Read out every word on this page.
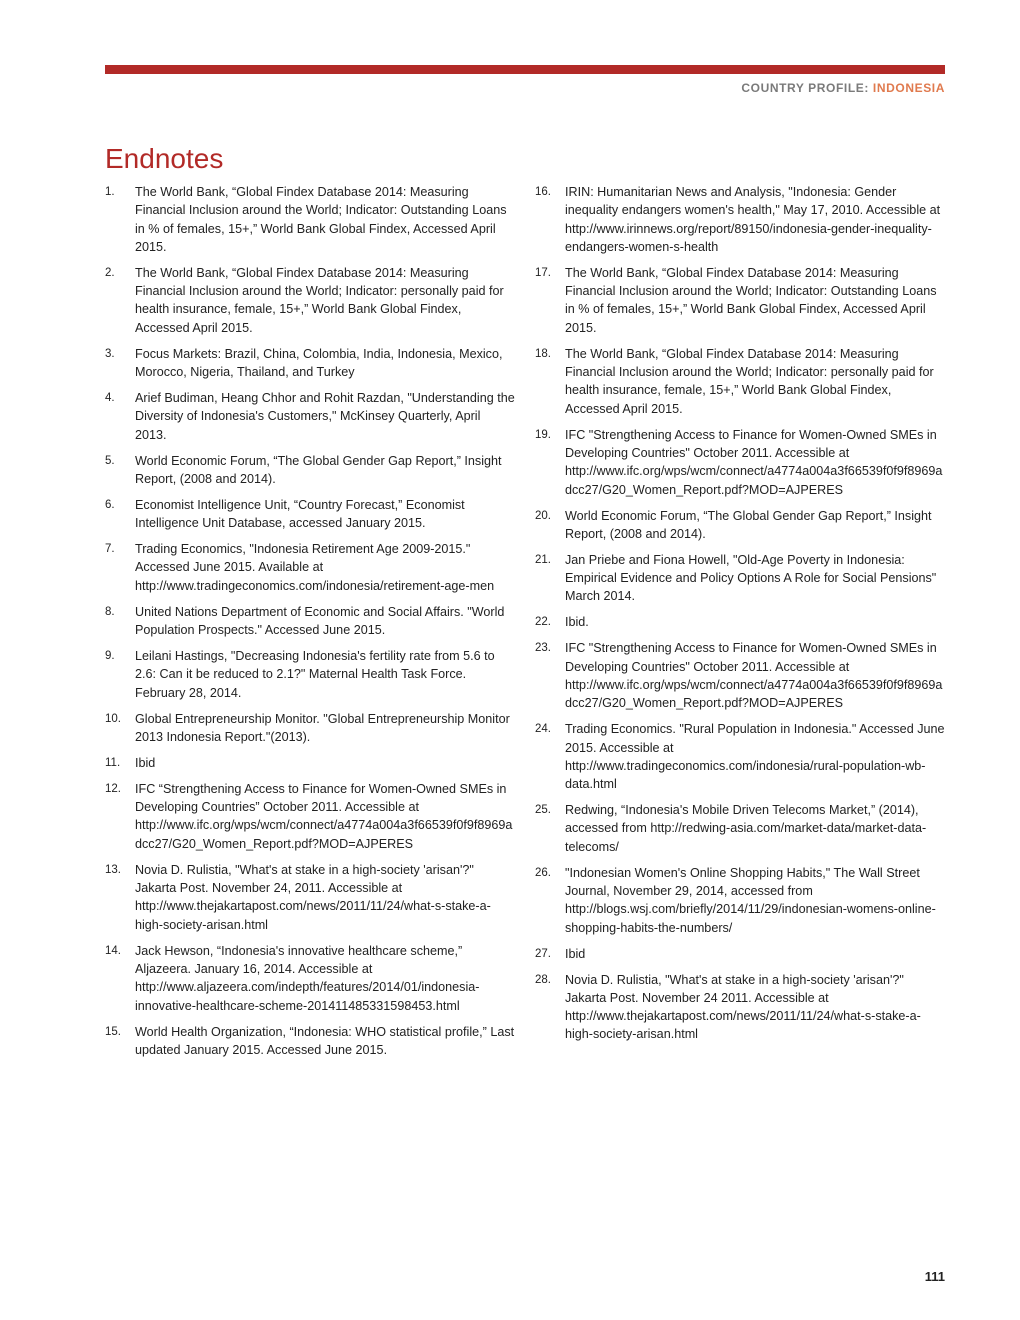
COUNTRY PROFILE: INDONESIA
Endnotes
1.	The World Bank, “Global Findex Database 2014: Measuring Financial Inclusion around the World; Indicator: Outstanding Loans in % of females, 15+,” World Bank Global Findex, Accessed April 2015.
2.	The World Bank, “Global Findex Database 2014: Measuring Financial Inclusion around the World; Indicator: personally paid for health insurance, female, 15+,” World Bank Global Findex, Accessed April 2015.
3.	Focus Markets: Brazil, China, Colombia, India, Indonesia, Mexico, Morocco, Nigeria, Thailand, and Turkey
4.	Arief Budiman, Heang Chhor and Rohit Razdan, "Understanding the Diversity of Indonesia's Customers," McKinsey Quarterly, April 2013.
5.	World Economic Forum, “The Global Gender Gap Report,” Insight Report, (2008 and 2014).
6.	Economist Intelligence Unit, “Country Forecast,” Economist Intelligence Unit Database, accessed January 2015.
7.	Trading Economics, "Indonesia Retirement Age 2009-2015." Accessed June 2015. Available at http://www.tradingeconomics.com/indonesia/retirement-age-men
8.	United Nations Department of Economic and Social Affairs. "World Population Prospects." Accessed June 2015.
9.	Leilani Hastings, "Decreasing Indonesia's fertility rate from 5.6 to 2.6: Can it be reduced to 2.1?" Maternal Health Task Force. February 28, 2014.
10.	Global Entrepreneurship Monitor. "Global Entrepreneurship Monitor 2013 Indonesia Report."(2013).
11.	Ibid
12.	IFC “Strengthening Access to Finance for Women-Owned SMEs in Developing Countries” October 2011. Accessible at http://www.ifc.org/wps/wcm/connect/a4774a004a3f66539f0f9f8969adcc27/G20_Women_Report.pdf?MOD=AJPERES
13.	Novia D. Rulistia, "What's at stake in a high-society 'arisan'?" Jakarta Post. November 24, 2011. Accessible at http://www.thejakartapost.com/news/2011/11/24/what-s-stake-a-high-society-arisan.html
14.	Jack Hewson, “Indonesia's innovative healthcare scheme,” Aljazeera. January 16, 2014. Accessible at http://www.aljazeera.com/indepth/features/2014/01/indonesia-innovative-healthcare-scheme-201411485331598453.html
15.	World Health Organization, “Indonesia: WHO statistical profile,” Last updated January 2015. Accessed June 2015.
16.	IRIN: Humanitarian News and Analysis, "Indonesia: Gender inequality endangers women's health," May 17, 2010. Accessible at http://www.irinnews.org/report/89150/indonesia-gender-inequality-endangers-women-s-health
17.	The World Bank, “Global Findex Database 2014: Measuring Financial Inclusion around the World; Indicator: Outstanding Loans in % of females, 15+,” World Bank Global Findex, Accessed April 2015.
18.	The World Bank, “Global Findex Database 2014: Measuring Financial Inclusion around the World; Indicator: personally paid for health insurance, female, 15+,” World Bank Global Findex, Accessed April 2015.
19.	IFC "Strengthening Access to Finance for Women-Owned SMEs in Developing Countries" October 2011. Accessible at http://www.ifc.org/wps/wcm/connect/a4774a004a3f66539f0f9f8969adcc27/G20_Women_Report.pdf?MOD=AJPERES
20.	World Economic Forum, “The Global Gender Gap Report,” Insight Report, (2008 and 2014).
21.	Jan Priebe and Fiona Howell, "Old-Age Poverty in Indonesia: Empirical Evidence and Policy Options A Role for Social Pensions" March 2014.
22.	Ibid.
23.	IFC "Strengthening Access to Finance for Women-Owned SMEs in Developing Countries" October 2011. Accessible at http://www.ifc.org/wps/wcm/connect/a4774a004a3f66539f0f9f8969adcc27/G20_Women_Report.pdf?MOD=AJPERES
24.	Trading Economics. "Rural Population in Indonesia." Accessed June 2015. Accessible at http://www.tradingeconomics.com/indonesia/rural-population-wb-data.html
25.	Redwing, “Indonesia's Mobile Driven Telecoms Market,” (2014), accessed from http://redwing-asia.com/market-data/market-data-telecoms/
26.	"Indonesian Women's Online Shopping Habits," The Wall Street Journal, November 29, 2014, accessed from http://blogs.wsj.com/briefly/2014/11/29/indonesian-womens-online-shopping-habits-the-numbers/
27.	Ibid
28.	Novia D. Rulistia, "What's at stake in a high-society 'arisan'?" Jakarta Post. November 24 2011. Accessible at http://www.thejakartapost.com/news/2011/11/24/what-s-stake-a-high-society-arisan.html
111
